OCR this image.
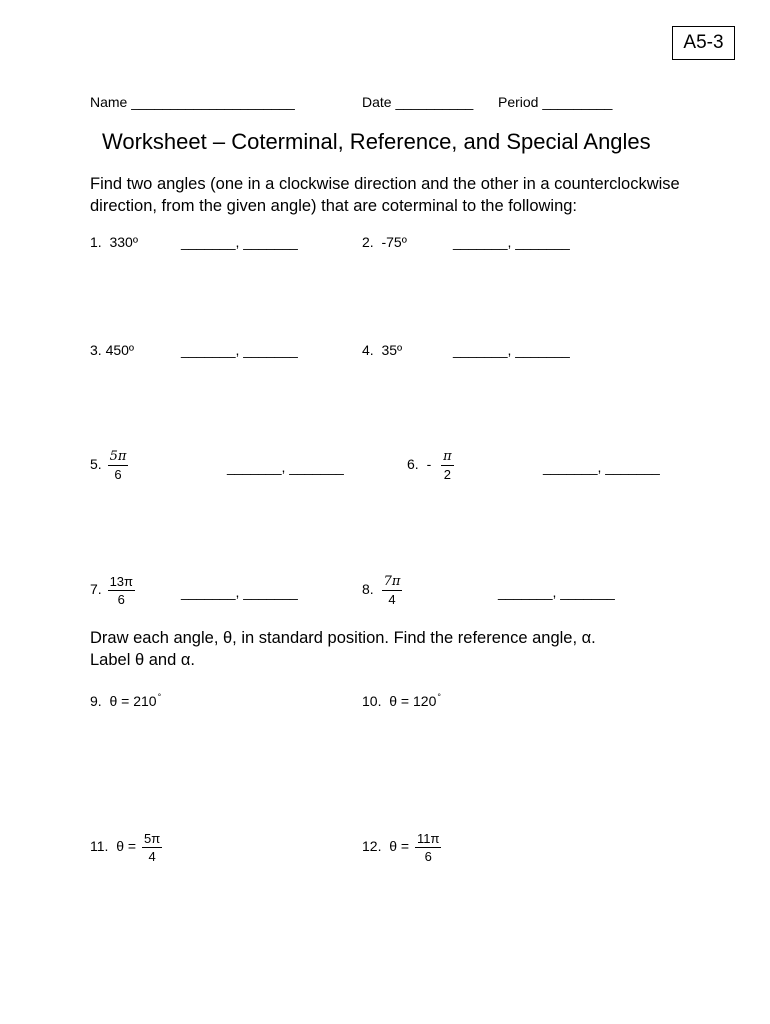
A5-3
Name _____________________	Date __________ Period _________
Worksheet – Coterminal, Reference, and Special Angles
Find two angles (one in a clockwise direction and the other in a counterclockwise direction, from the given angle) that are coterminal to the following:
1. 330º	_______, _______	2. -75º	_______, _______
3. 450º	_______, _______	4. 35º	_______, _______
5. $\frac{5\pi}{6}$	_______, _______	6. - $\frac{\pi}{2}$	_______, _______
7. $\frac{13\pi}{6}$	_______, _______	8. $\frac{7\pi}{4}$	_______, _______
Draw each angle, θ, in standard position. Find the reference angle, α.
Label θ and α.
9. θ = 210°	10. θ = 120°
11. $\theta = \frac{5\pi}{4}$	12. $\theta = \frac{11\pi}{6}$
